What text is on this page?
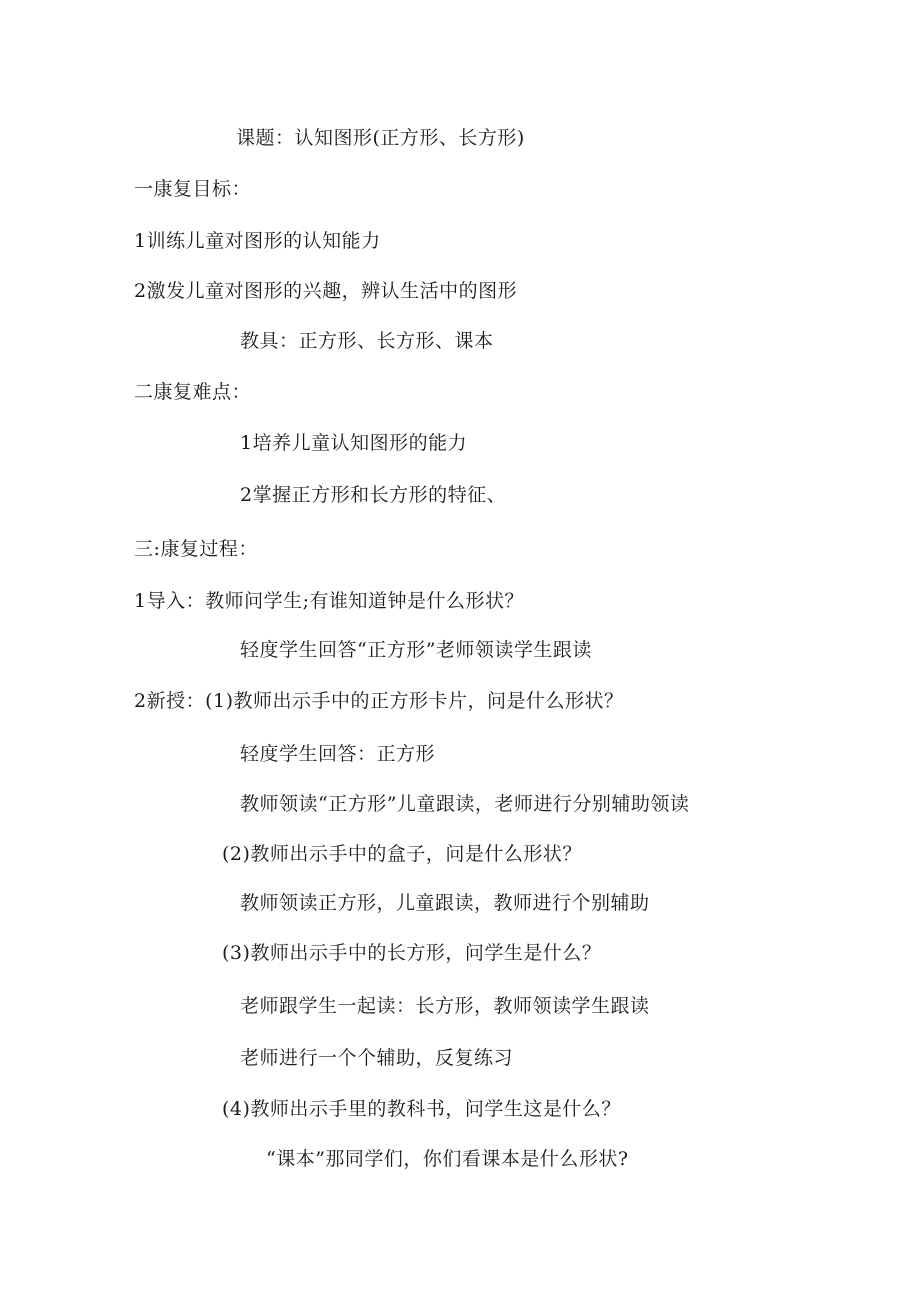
课题：认知图形(正方形、长方形)
一康复目标：
1训练儿童对图形的认知能力
2激发儿童对图形的兴趣，辨认生活中的图形
教具：正方形、长方形、课本
二康复难点：
1培养儿童认知图形的能力
2掌握正方形和长方形的特征、
三:康复过程：
1导入：教师问学生;有谁知道钟是什么形状？
轻度学生回答“正方形”老师领读学生跟读
2新授：(1)教师出示手中的正方形卡片，问是什么形状？
轻度学生回答：正方形
教师领读“正方形”儿童跟读，老师进行分别辅助领读
(2)教师出示手中的盒子，问是什么形状？
教师领读正方形，儿童跟读，教师进行个别辅助
(3)教师出示手中的长方形，问学生是什么？
老师跟学生一起读：长方形，教师领读学生跟读
老师进行一个个辅助，反复练习
(4)教师出示手里的教科书，问学生这是什么？
“课本”那同学们，你们看课本是什么形状?
